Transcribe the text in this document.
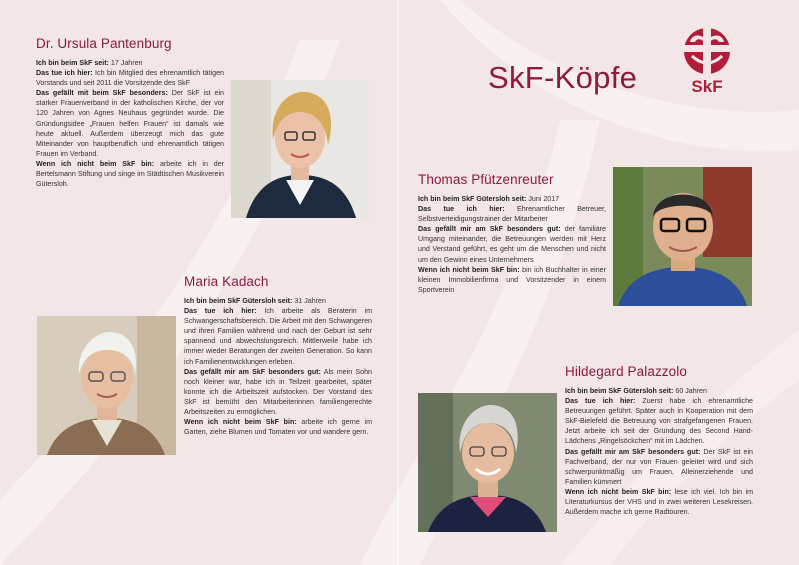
SkF-Köpfe	SkF
Dr. Ursula Pantenburg

Ich bin beim SkF seit: 17 Jahren

Das tue ich hier: Ich bin Mitglied des ehrenamtlich tätigen Vorstands und seit 2011 die Vorsitzende des SkF

Das gefällt mit beim SkF besonders: Der SkF ist ein starker Frauenverband in der katholischen Kirche, der vor 120 Jahren von Agnes Neuhaus gegründet wurde. Die Gründungsidee „Frauen helfen Frauen“ ist damals wie heute aktuell. Außerdem überzeugt mich das gute Miteinander von hauptberuflich und ehrenamtlich tätigen Frauen im Verband.

Wenn ich nicht beim SkF bin: arbeite ich in der Bertelsmann Stiftung und singe im Städtischen Musikverein Gütersloh.	Thomas Pfützenreuter

Ich bin beim SkF Gütersloh seit: Juni 2017

Das tue ich hier: Ehrenamtlicher Betreuer, Selbstverteidigungstrainer der Mitarbeiter

Das gefällt mir am SkF besonders gut: der familiäre Umgang miteinander, die Betreuungen werden mit Herz und Verstand geführt, es geht um die Menschen und nicht um den Gewinn eines Unternehmers

Wenn ich nicht beim SkF bin: bin ich Buchhalter in einer kleinen Immobilienfirma und Vorsitzender in einem Sportverein

Maria Kadach

Ich bin beim SkF Gütersloh seit: 31 Jahren

Das tue ich hier: Ich arbeite als Beraterin im Schwangerschaftsbereich. Die Arbeit mit den Schwangeren und ihren Familien während und nach der Geburt ist sehr spannend und abwechslungsreich. Mittlerweile habe ich immer wieder Beratungen der zweiten Generation. So kann ich Familienentwicklungen erleben.

Das gefällt mir am SkF besonders gut: Als mein Sohn noch kleiner war, habe ich in Teilzeit gearbeitet, später konnte ich die Arbeitszeit aufstocken. Der Vorstand des SkF ist bemüht den Mitarbeiterinnen familiengerechte Arbeitszeiten zu ermöglichen.

Wenn ich nicht beim SkF bin: arbeite ich gerne im Garten, ziehe Blumen und Tomaten vor und wandere gern.

Hildegard Palazzolo

Ich bin beim SkF Gütersloh seit: 60 Jahren

Das tue ich hier: Zuerst habe ich ehrenamtliche Betreuungen geführt. Später auch in Kooperation mit dem SkF-Bielefeld die Betreuung von strafgefangenen Frauen. Jetzt arbeite ich seit der Gründung des Second Hand-Lädchens „Ringelsöckchen“ mit im Lädchen.

Das gefällt mir am SkF besonders gut: Der SkF ist ein Fachverband, der nur von Frauen geleitet wird und sich schwerpunktmäßig um Frauen, Alleinerziehende und Familien kümmert

Wenn ich nicht beim SkF bin: lese ich viel. Ich bin im Literaturkursus der VHS und in zwei weiteren Lesekreisen. Außerdem mache ich gerne Radtouren.
